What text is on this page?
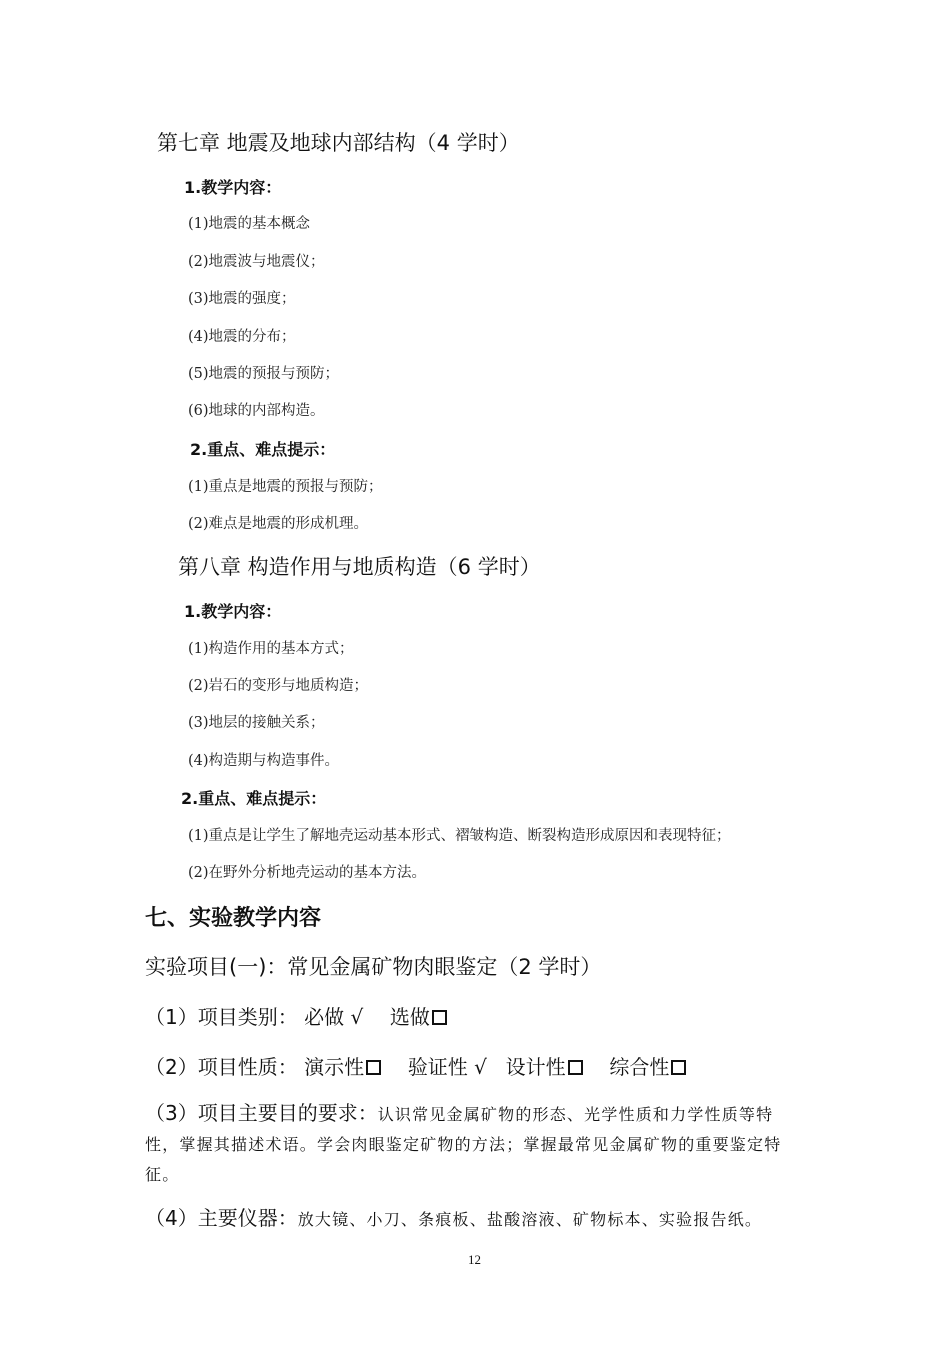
第七章 地震及地球内部结构（4 学时）
1.教学内容：
(1)地震的基本概念
(2)地震波与地震仪；
(3)地震的强度；
(4)地震的分布；
(5)地震的预报与预防；
(6)地球的内部构造。
2.重点、难点提示：
(1)重点是地震的预报与预防；
(2)难点是地震的形成机理。
第八章 构造作用与地质构造（6 学时）
1.教学内容：
(1)构造作用的基本方式；
(2)岩石的变形与地质构造；
(3)地层的接触关系；
(4)构造期与构造事件。
2.重点、难点提示：
(1)重点是让学生了解地壳运动基本形式、褶皱构造、断裂构造形成原因和表现特征；
(2)在野外分析地壳运动的基本方法。
七、实验教学内容
实验项目(一)：常见金属矿物肉眼鉴定（2 学时）
（1）项目类别： 必做 √ 选做
（2）项目性质： 演示性 验证性 √ 设计性 综合性
（3）项目主要目的要求：认识常见金属矿物的形态、光学性质和力学性质等特性，掌握其描述术语。学会肉眼鉴定矿物的方法；掌握最常见金属矿物的重要鉴定特征。
（4）主要仪器：放大镜、小刀、条痕板、盐酸溶液、矿物标本、实验报告纸。
12
